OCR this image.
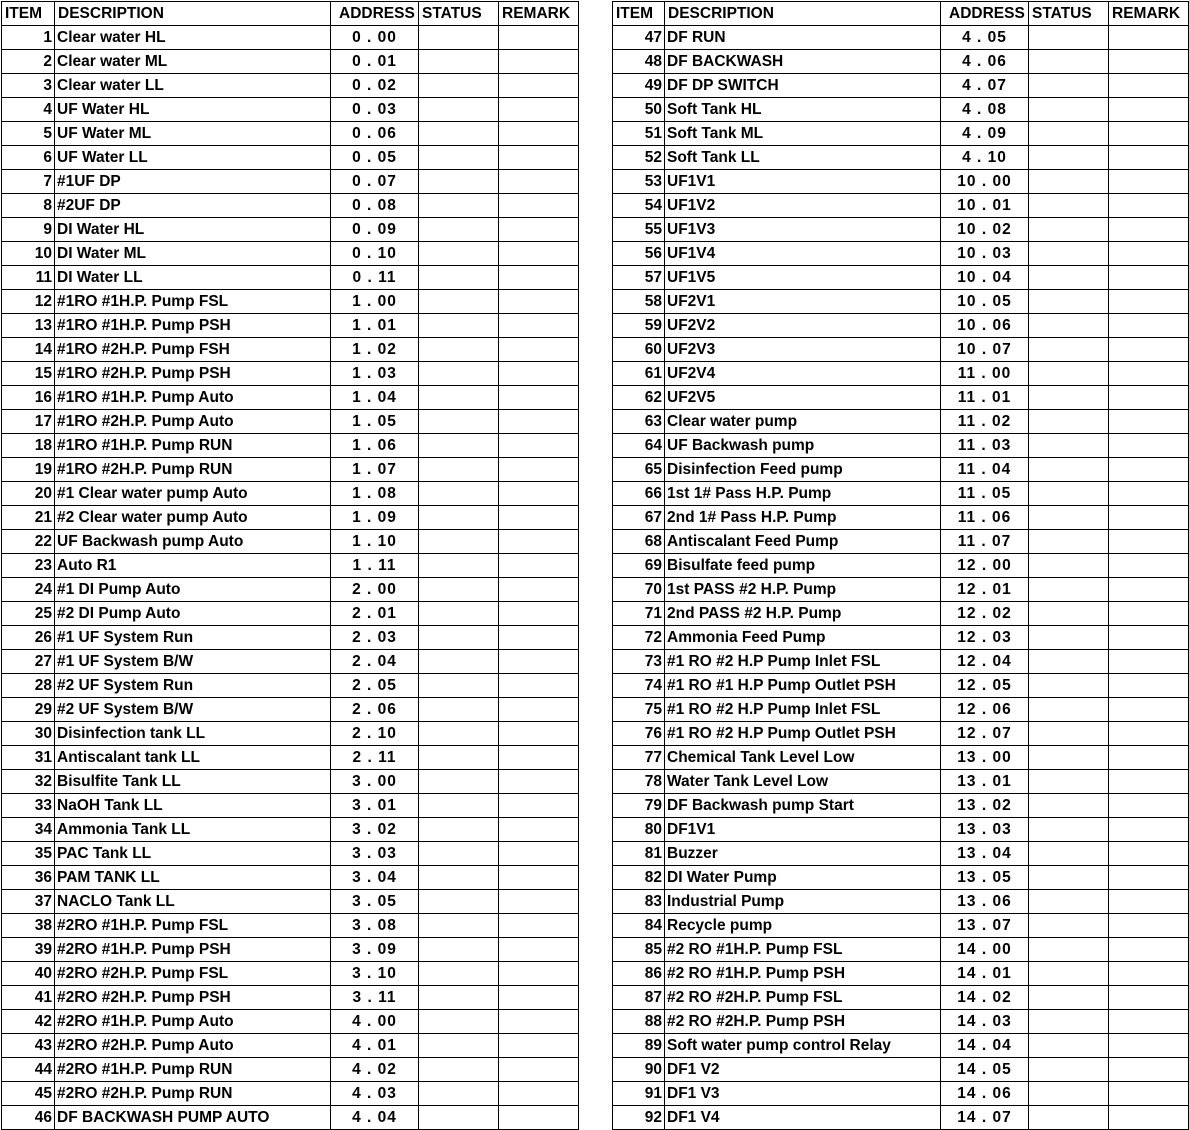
ITEM	DESCRIPTION	ADDRESS	STATUS	REMARK
1	Clear water HL	0 . 00		
2	Clear water ML	0 . 01		
3	Clear water LL	0 . 02		
4	UF Water HL	0 . 03		
5	UF Water ML	0 . 06		
6	UF Water LL	0 . 05		
7	#1UF DP	0 . 07		
8	#2UF DP	0 . 08		
9	DI Water HL	0 . 09		
10	DI Water ML	0 . 10		
11	DI Water LL	0 . 11		
12	#1RO #1H.P. Pump FSL	1 . 00		
13	#1RO #1H.P. Pump PSH	1 . 01		
14	#1RO #2H.P. Pump FSH	1 . 02		
15	#1RO #2H.P. Pump PSH	1 . 03		
16	#1RO #1H.P. Pump Auto	1 . 04		
17	#1RO #2H.P. Pump Auto	1 . 05		
18	#1RO #1H.P. Pump RUN	1 . 06		
19	#1RO #2H.P. Pump RUN	1 . 07		
20	#1 Clear water pump Auto	1 . 08		
21	#2 Clear water pump Auto	1 . 09		
22	UF Backwash pump Auto	1 . 10		
23	Auto R1	1 . 11		
24	#1 DI Pump Auto	2 . 00		
25	#2 DI Pump Auto	2 . 01		
26	#1 UF System Run	2 . 03		
27	#1 UF System B/W	2 . 04		
28	#2 UF System Run	2 . 05		
29	#2 UF System B/W	2 . 06		
30	Disinfection tank LL	2 . 10		
31	Antiscalant tank LL	2 . 11		
32	Bisulfite Tank LL	3 . 00		
33	NaOH Tank LL	3 . 01		
34	Ammonia Tank LL	3 . 02		
35	PAC Tank LL	3 . 03		
36	PAM TANK LL	3 . 04		
37	NACLO Tank LL	3 . 05		
38	#2RO #1H.P. Pump FSL	3 . 08		
39	#2RO #1H.P. Pump PSH	3 . 09		
40	#2RO #2H.P. Pump FSL	3 . 10		
41	#2RO #2H.P. Pump PSH	3 . 11		
42	#2RO #1H.P. Pump Auto	4 . 00		
43	#2RO #2H.P. Pump Auto	4 . 01		
44	#2RO #1H.P. Pump RUN	4 . 02		
45	#2RO #2H.P. Pump RUN	4 . 03		
46	DF BACKWASH PUMP AUTO	4 . 04		
ITEM	DESCRIPTION	ADDRESS	STATUS	REMARK
47	DF RUN	4 . 05		
48	DF BACKWASH	4 . 06		
49	DF DP SWITCH	4 . 07		
50	Soft Tank HL	4 . 08		
51	Soft Tank ML	4 . 09		
52	Soft Tank LL	4 . 10		
53	UF1V1	10 . 00		
54	UF1V2	10 . 01		
55	UF1V3	10 . 02		
56	UF1V4	10 . 03		
57	UF1V5	10 . 04		
58	UF2V1	10 . 05		
59	UF2V2	10 . 06		
60	UF2V3	10 . 07		
61	UF2V4	11 . 00		
62	UF2V5	11 . 01		
63	Clear water pump	11 . 02		
64	UF Backwash pump	11 . 03		
65	Disinfection Feed pump	11 . 04		
66	1st 1# Pass H.P. Pump	11 . 05		
67	2nd 1# Pass H.P. Pump	11 . 06		
68	Antiscalant Feed Pump	11 . 07		
69	Bisulfate feed pump	12 . 00		
70	1st PASS #2 H.P. Pump	12 . 01		
71	2nd PASS #2 H.P. Pump	12 . 02		
72	Ammonia Feed Pump	12 . 03		
73	#1 RO #2 H.P Pump Inlet FSL	12 . 04		
74	#1 RO #1 H.P Pump Outlet PSH	12 . 05		
75	#1 RO #2 H.P Pump Inlet FSL	12 . 06		
76	#1 RO #2 H.P Pump Outlet PSH	12 . 07		
77	Chemical Tank Level Low	13 . 00		
78	Water Tank Level Low	13 . 01		
79	DF Backwash pump Start	13 . 02		
80	DF1V1	13 . 03		
81	Buzzer	13 . 04		
82	DI Water Pump	13 . 05		
83	Industrial Pump	13 . 06		
84	Recycle pump	13 . 07		
85	#2 RO #1H.P. Pump FSL	14 . 00		
86	#2 RO #1H.P. Pump PSH	14 . 01		
87	#2 RO #2H.P. Pump FSL	14 . 02		
88	#2 RO #2H.P. Pump PSH	14 . 03		
89	Soft water pump control Relay	14 . 04		
90	DF1 V2	14 . 05		
91	DF1 V3	14 . 06		
92	DF1 V4	14 . 07		
